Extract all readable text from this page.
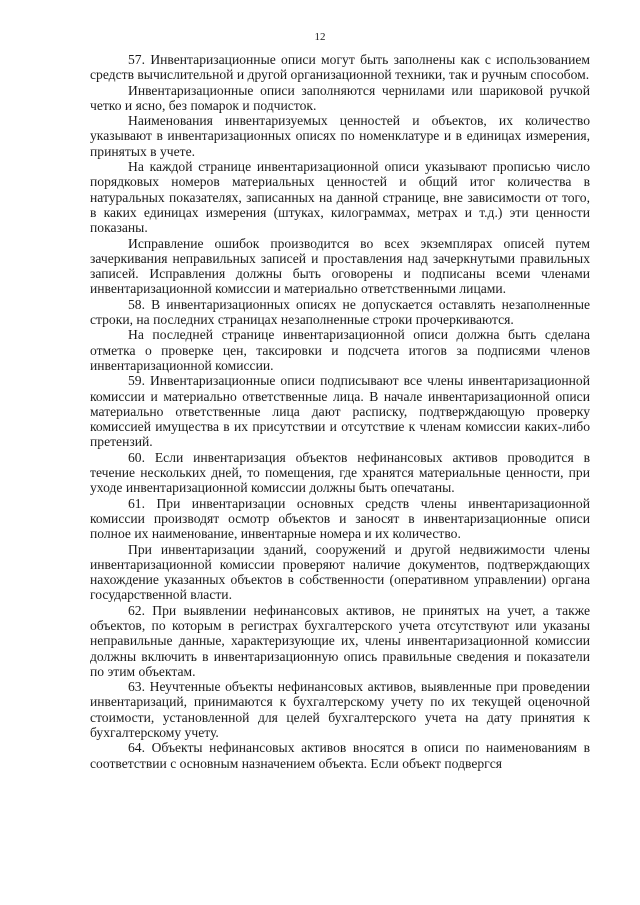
12

57. Инвентаризационные описи могут быть заполнены как с использованием средств вычислительной и другой организационной техники, так и ручным способом.

Инвентаризационные описи заполняются чернилами или шариковой ручкой четко и ясно, без помарок и подчисток.

Наименования инвентаризуемых ценностей и объектов, их количество указывают в инвентаризационных описях по номенклатуре и в единицах измерения, принятых в учете.

На каждой странице инвентаризационной описи указывают прописью число порядковых номеров материальных ценностей и общий итог количества в натуральных показателях, записанных на данной странице, вне зависимости от того, в каких единицах измерения (штуках, килограммах, метрах и т.д.) эти ценности показаны.

Исправление ошибок производится во всех экземплярах описей путем зачеркивания неправильных записей и проставления над зачеркнутыми правильных записей. Исправления должны быть оговорены и подписаны всеми членами инвентаризационной комиссии и материально ответственными лицами.

58. В инвентаризационных описях не допускается оставлять незаполненные строки, на последних страницах незаполненные строки прочеркиваются.

На последней странице инвентаризационной описи должна быть сделана отметка о проверке цен, таксировки и подсчета итогов за подписями членов инвентаризационной комиссии.

59. Инвентаризационные описи подписывают все члены инвентаризационной комиссии и материально ответственные лица. В начале инвентаризационной описи материально ответственные лица дают расписку, подтверждающую проверку комиссией имущества в их присутствии и отсутствие к членам комиссии каких-либо претензий.

60. Если инвентаризация объектов нефинансовых активов проводится в течение нескольких дней, то помещения, где хранятся материальные ценности, при уходе инвентаризационной комиссии должны быть опечатаны.

61. При инвентаризации основных средств члены инвентаризационной комиссии производят осмотр объектов и заносят в инвентаризационные описи полное их наименование, инвентарные номера и их количество.

При инвентаризации зданий, сооружений и другой недвижимости члены инвентаризационной комиссии проверяют наличие документов, подтверждающих нахождение указанных объектов в собственности (оперативном управлении) органа государственной власти.

62. При выявлении нефинансовых активов, не принятых на учет, а также объектов, по которым в регистрах бухгалтерского учета отсутствуют или указаны неправильные данные, характеризующие их, члены инвентаризационной комиссии должны включить в инвентаризационную опись правильные сведения и показатели по этим объектам.

63. Неучтенные объекты нефинансовых активов, выявленные при проведении инвентаризаций, принимаются к бухгалтерскому учету по их текущей оценочной стоимости, установленной для целей бухгалтерского учета на дату принятия к бухгалтерскому учету.

64. Объекты нефинансовых активов вносятся в описи по наименованиям в соответствии с основным назначением объекта. Если объект подвергся
